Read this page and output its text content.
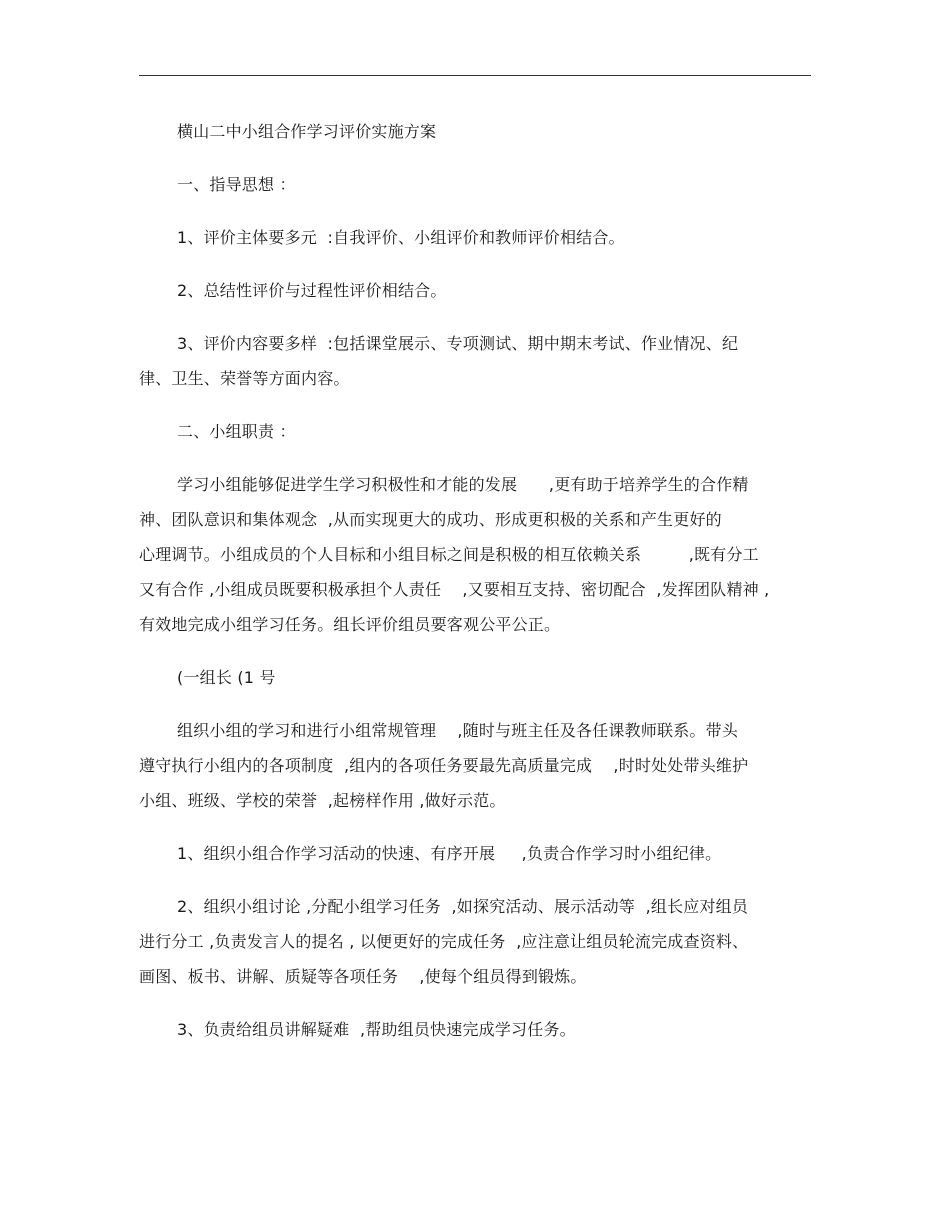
横山二中小组合作学习评价实施方案
一、指导思想 ：
1、评价主体要多元  :自我评价、小组评价和教师评价相结合。
2、总结性评价与过程性评价相结合。
3、评价内容要多样  :包括课堂展示、专项测试、期中期末考试、作业情况、纪
律、卫生、荣誉等方面内容。
二、小组职责 ：
学习小组能够促进学生学习积极性和才能的发展      ,更有助于培养学生的合作精
神、团队意识和集体观念  ,从而实现更大的成功、形成更积极的关系和产生更好的
心理调节。小组成员的个人目标和小组目标之间是积极的相互依赖关系         ,既有分工
又有合作 ,小组成员既要积极承担个人责任    ,又要相互支持、密切配合  ,发挥团队精神 ,
有效地完成小组学习任务。组长评价组员要客观公平公正。
(一组长 (1 号
组织小组的学习和进行小组常规管理    ,随时与班主任及各任课教师联系。带头
遵守执行小组内的各项制度  ,组内的各项任务要最先高质量完成    ,时时处处带头维护
小组、班级、学校的荣誉  ,起榜样作用 ,做好示范。
1、组织小组合作学习活动的快速、有序开展     ,负责合作学习时小组纪律。
2、组织小组讨论 ,分配小组学习任务  ,如探究活动、展示活动等  ,组长应对组员
进行分工 ,负责发言人的提名 , 以便更好的完成任务  ,应注意让组员轮流完成查资料、
画图、板书、讲解、质疑等各项任务    ,使每个组员得到锻炼。
3、负责给组员讲解疑难  ,帮助组员快速完成学习任务。
